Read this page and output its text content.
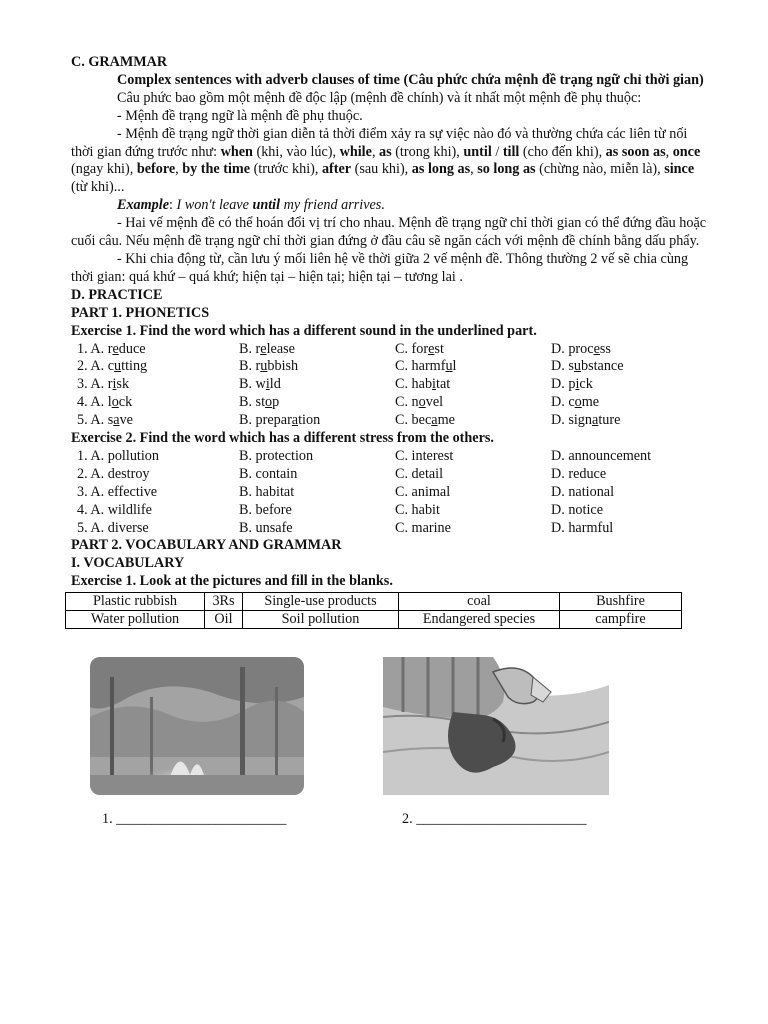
C. GRAMMAR

Complex sentences with adverb clauses of time (Câu phức chứa mệnh đề trạng ngữ chỉ thời gian)

Câu phức bao gồm một mệnh đề độc lập (mệnh đề chính) và ít nhất một mệnh đề phụ thuộc:

- Mệnh đề trạng ngữ là mệnh đề phụ thuộc.

- Mệnh đề trạng ngữ thời gian diễn tả thời điểm xảy ra sự việc nào đó và thường chứa các liên từ nối thời gian đứng trước như: when (khi, vào lúc), while, as (trong khi), until / till (cho đến khi), as soon as, once (ngay khi), before, by the time (trước khi), after (sau khi), as long as, so long as (chừng nào, miễn là), since (từ khi)...

Example: I won't leave until my friend arrives.

- Hai vế mệnh đề có thể hoán đổi vị trí cho nhau. Mệnh đề trạng ngữ chỉ thời gian có thể đứng đầu hoặc cuối câu. Nếu mệnh đề trạng ngữ chỉ thời gian đứng ở đầu câu sẽ ngăn cách với mệnh đề chính bằng dấu phẩy.

- Khi chia động từ, cần lưu ý mối liên hệ về thời giữa 2 vế mệnh đề. Thông thường 2 vế sẽ chia cùng thời gian: quá khứ – quá khứ; hiện tại – hiện tại; hiện tại – tương lai .

D. PRACTICE

PART 1. PHONETICS

Exercise 1. Find the word which has a different sound in the underlined part.

1. A. reduce	B. release	C. forest	D. process
2. A. cutting	B. rubbish	C. harmful	D. substance
3. A. risk	B. wild	C. habitat	D. pick
4. A. lock	B. stop	C. novel	D. come
5. A. save	B. preparation	C. became	D. signature

Exercise 2. Find the word which has a different stress from the others.

1. A. pollution	B. protection	C. interest	D. announcement
2. A. destroy	B. contain	C. detail	D. reduce
3. A. effective	B. habitat	C. animal	D. national
4. A. wildlife	B. before	C. habit	D. notice
5. A. diverse	B. unsafe	C. marine	D. harmful

PART 2. VOCABULARY AND GRAMMAR

I. VOCABULARY

Exercise 1. Look at the pictures and fill in the blanks.

Plastic rubbish	3Rs	Single-use products	coal	Bushfire
Water pollution	Oil	Soil pollution	Endangered species	campfire
1. ________________________	2. ________________________
